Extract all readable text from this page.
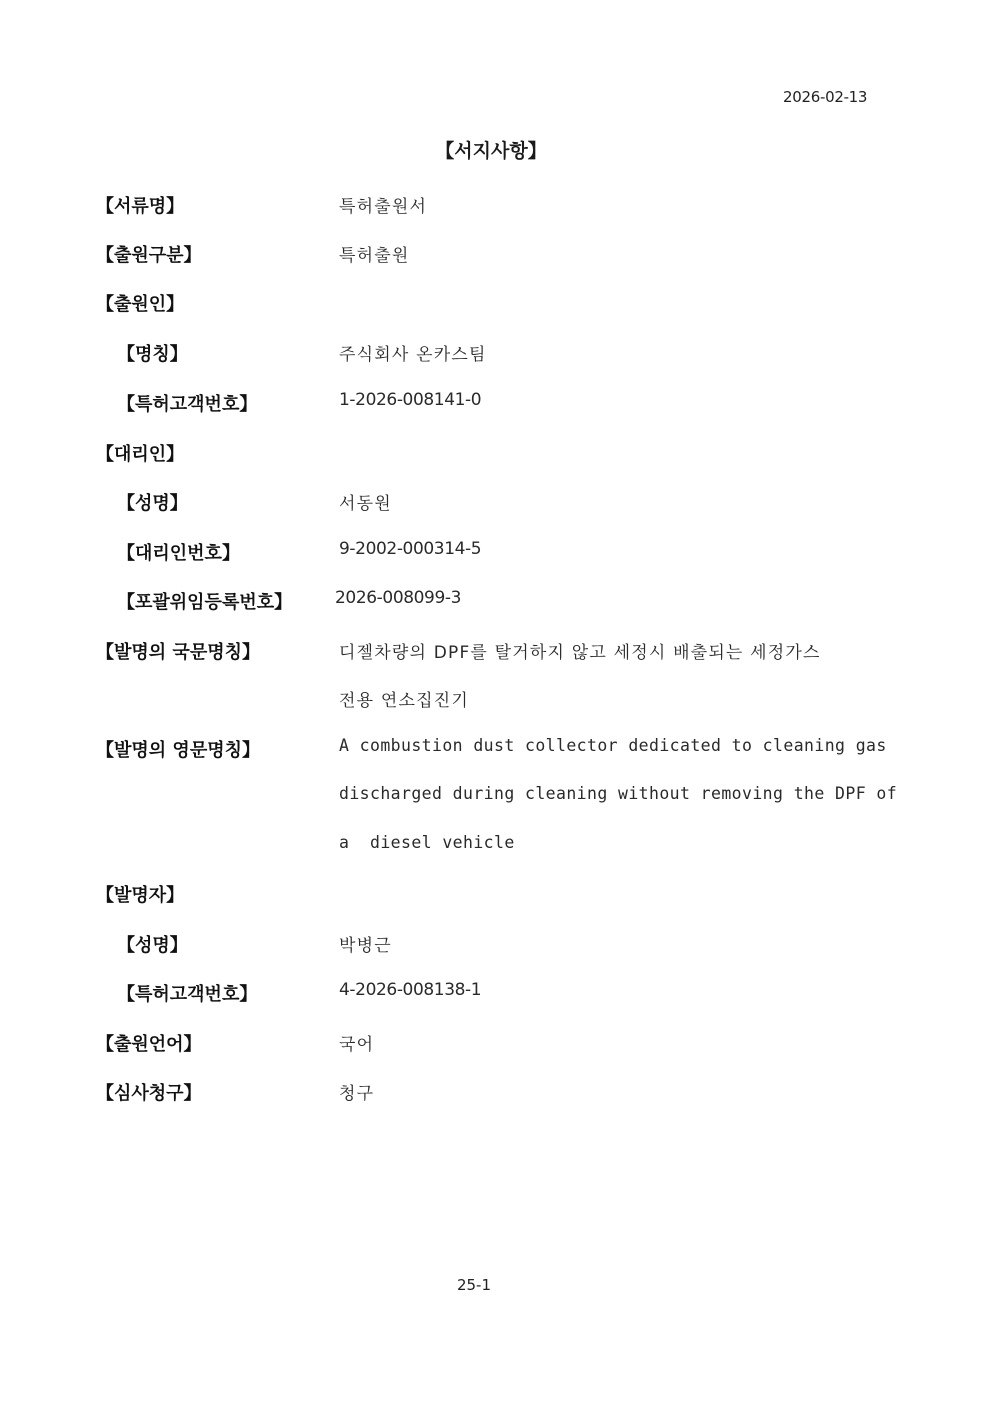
2026-02-13
【서지사항】
【서류명】	특허출원서
【출원구분】	특허출원
【출원인】
【명칭】	주식회사 온카스팀
【특허고객번호】	1-2026-008141-0
【대리인】
【성명】	서동원
【대리인번호】	9-2002-000314-5
【포괄위임등록번호】	2026-008099-3
【발명의 국문명칭】	디젤차량의 DPF를 탈거하지 않고 세정시 배출되는 세정가스
전용 연소집진기
【발명의 영문명칭】	A combustion dust collector dedicated to cleaning gas
discharged during cleaning without removing the DPF of
a  diesel vehicle
【발명자】
【성명】	박병근
【특허고객번호】	4-2026-008138-1
【출원언어】	국어
【심사청구】	청구
25-1
